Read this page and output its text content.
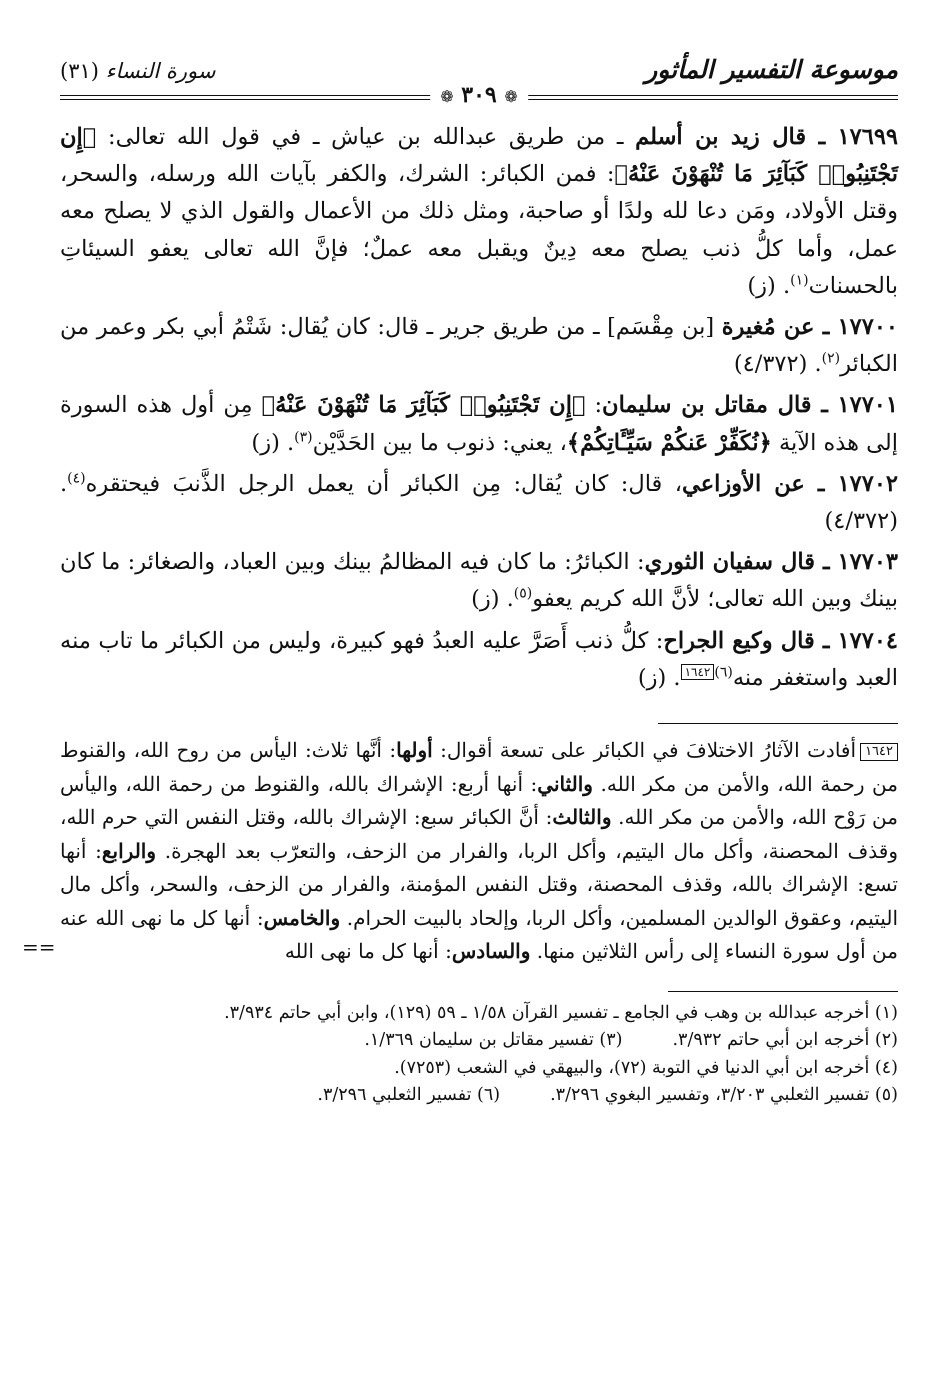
موسوعة التفسير المأثور
سورة النساء (٣١)
❁ ٣٠٩ ❁

١٧٦٩٩ ـ قال زيد بن أسلم ـ من طريق عبدالله بن عياش ـ في قول الله تعالى: ﴿إِن تَجْتَنِبُوا۟ كَبَآئِرَ مَا تُنْهَوْنَ عَنْهُ﴾: فمن الكبائر: الشرك، والكفر بآيات الله ورسله، والسحر، وقتل الأولاد، ومَن دعا لله ولدًا أو صاحبة، ومثل ذلك من الأعمال والقول الذي لا يصلح معه عمل، وأما كلُّ ذنب يصلح معه دِينٌ ويقبل معه عملٌ؛ فإنَّ الله تعالى يعفو السيئاتِ بالحسنات$^{(١)}$. (ز)

١٧٧٠٠ ـ عن مُغيرة [بن مِقْسَم] ـ من طريق جرير ـ قال: كان يُقال: شَتْمُ أبي بكر وعمر من الكبائر$^{(٢)}$. (٤/٣٧٢)

١٧٧٠١ ـ قال مقاتل بن سليمان: ﴿إِن تَجْتَنِبُوا۟ كَبَآئِرَ مَا تُنْهَوْنَ عَنْهُ﴾ مِن أول هذه السورة إلى هذه الآية ﴿نُكَفِّرْ عَنكُمْ سَيِّـَٔاتِكُمْ﴾، يعني: ذنوب ما بين الحَدَّيْن$^{(٣)}$. (ز)

١٧٧٠٢ ـ عن الأوزاعي، قال: كان يُقال: مِن الكبائر أن يعمل الرجل الذَّنبَ فيحتقره$^{(٤)}$. (٤/٣٧٢)

١٧٧٠٣ ـ قال سفيان الثوري: الكبائرُ: ما كان فيه المظالمُ بينك وبين العباد، والصغائر: ما كان بينك وبين الله تعالى؛ لأنَّ الله كريم يعفو$^{(٥)}$. (ز)

١٧٧٠٤ ـ قال وكيع الجراح: كلُّ ذنب أَصَرَّ عليه العبدُ فهو كبيرة، وليس من الكبائر ما تاب منه العبد واستغفر منه$^{(٦)}$١٦٤٢. (ز)

١٦٤٢أفادت الآثارُ الاختلافَ في الكبائر على تسعة أقوال: أولها: أنَّها ثلاث: اليأس من روح الله، والقنوط من رحمة الله، والأمن من مكر الله. والثاني: أنها أربع: الإشراك بالله، والقنوط من رحمة الله، واليأس من رَوْح الله، والأمن من مكر الله. والثالث: أنَّ الكبائر سبع: الإشراك بالله، وقتل النفس التي حرم الله، وقذف المحصنة، وأكل مال اليتيم، وأكل الربا، والفرار من الزحف، والتعرّب بعد الهجرة. والرابع: أنها تسع: الإشراك بالله، وقذف المحصنة، وقتل النفس المؤمنة، والفرار من الزحف، والسحر، وأكل مال اليتيم، وعقوق الوالدين المسلمين، وأكل الربا، وإلحاد بالبيت الحرام. والخامس: أنها كل ما نهى الله عنه من أول سورة النساء إلى رأس الثلاثين منها. والسادس: أنها كل ما نهى الله
==
(١) أخرجه عبدالله بن وهب في الجامع ـ تفسير القرآن ١/٥٨ ـ ٥٩ (١٢٩)، وابن أبي حاتم ٣/٩٣٤.
(٢) أخرجه ابن أبي حاتم ٣/٩٣٢.(٣) تفسير مقاتل بن سليمان ١/٣٦٩.
(٤) أخرجه ابن أبي الدنيا في التوبة (٧٢)، والبيهقي في الشعب (٧٢٥٣).
(٥) تفسير الثعلبي ٣/٢٠٣، وتفسير البغوي ٣/٢٩٦.(٦) تفسير الثعلبي ٣/٢٩٦.
